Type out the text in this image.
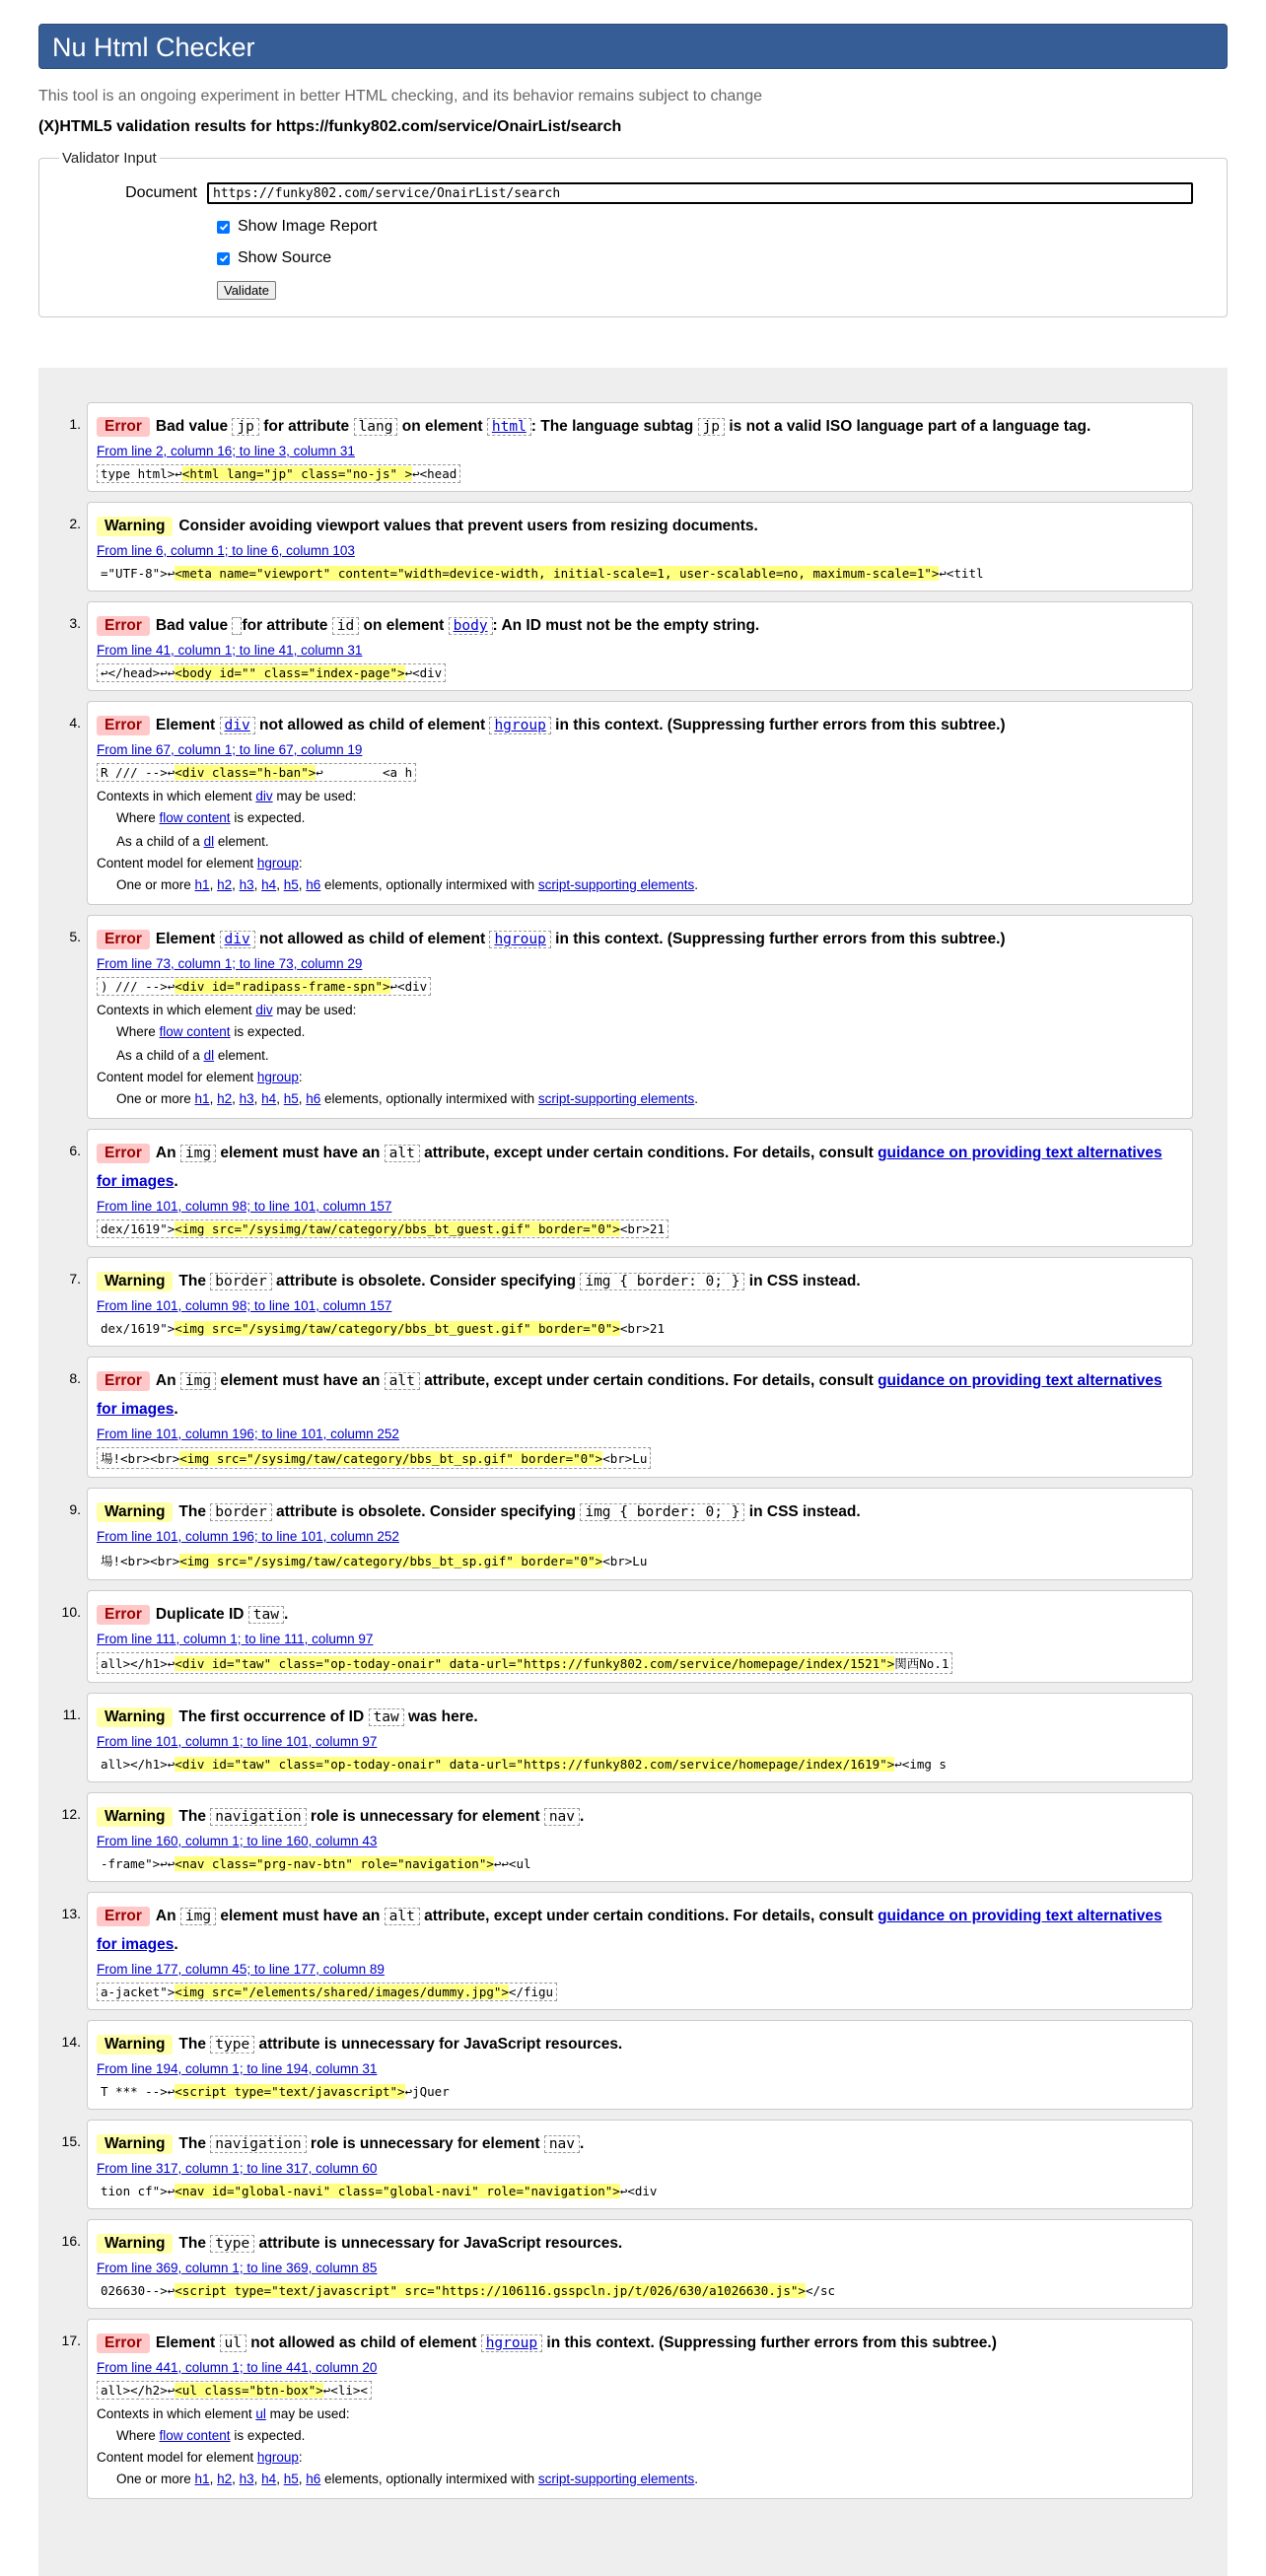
Nu Html Checker
This tool is an ongoing experiment in better HTML checking, and its behavior remains subject to change
(X)HTML5 validation results for https://funky802.com/service/OnairList/search
Validator Input
Document
https://funky802.com/service/OnairList/search
Show Image Report
Show Source
Validate
1.	Error Bad value jp for attribute lang on element html : The language subtag jp is not a valid ISO language part of a language tag.
From line 2, column 16; to line 3, column 31
type html>↩<html lang="jp" class="no-js" >↩<head
2.	Warning Consider avoiding viewport values that prevent users from resizing documents.
From line 6, column 1; to line 6, column 103
="UTF-8">↩<meta name="viewport" content="width=device-width, initial-scale=1, user-scalable=no, maximum-scale=1">↩<titl
3.	Error Bad value for attribute id on element body : An ID must not be the empty string.
From line 41, column 1; to line 41, column 31
↩</head>↩↩<body id="" class="index-page">↩<div
4.	Error Element div not allowed as child of element hgroup in this context. (Suppressing further errors from this subtree.)
From line 67, column 1; to line 67, column 19
R /// -->↩<div class="h-ban">↩        <a h
Contexts in which element div may be used:
Where flow content is expected.
As a child of a dl element.
Content model for element hgroup:
One or more h1, h2, h3, h4, h5, h6 elements, optionally intermixed with script-supporting elements.
5.	Error Element div not allowed as child of element hgroup in this context. (Suppressing further errors from this subtree.)
From line 73, column 1; to line 73, column 29
) /// -->↩<div id="radipass-frame-spn">↩<div
Contexts in which element div may be used:
Where flow content is expected.
As a child of a dl element.
Content model for element hgroup:
One or more h1, h2, h3, h4, h5, h6 elements, optionally intermixed with script-supporting elements.
6.	Error An img element must have an alt attribute, except under certain conditions. For details, consult guidance on providing text alternatives for images.
From line 101, column 98; to line 101, column 157
dex/1619"><img src="/sysimg/taw/category/bbs_bt_guest.gif" border="0"><br>21
7.	Warning The border attribute is obsolete. Consider specifying img { border: 0; } in CSS instead.
From line 101, column 98; to line 101, column 157
dex/1619"><img src="/sysimg/taw/category/bbs_bt_guest.gif" border="0"><br>21
8.	Error An img element must have an alt attribute, except under certain conditions. For details, consult guidance on providing text alternatives for images.
From line 101, column 196; to line 101, column 252
場!<br><br><img src="/sysimg/taw/category/bbs_bt_sp.gif" border="0"><br>Lu
9.	Warning The border attribute is obsolete. Consider specifying img { border: 0; } in CSS instead.
From line 101, column 196; to line 101, column 252
場!<br><br><img src="/sysimg/taw/category/bbs_bt_sp.gif" border="0"><br>Lu
10.	Error Duplicate ID taw .
From line 111, column 1; to line 111, column 97
all></h1>↩<div id="taw" class="op-today-onair" data-url="https://funky802.com/service/homepage/index/1521">関西No.1
11.	Warning The first occurrence of ID taw was here.
From line 101, column 1; to line 101, column 97
all></h1>↩<div id="taw" class="op-today-onair" data-url="https://funky802.com/service/homepage/index/1619">↩<img s
12.	Warning The navigation role is unnecessary for element nav .
From line 160, column 1; to line 160, column 43
-frame">↩↩<nav class="prg-nav-btn" role="navigation">↩↩<ul
13.	Error An img element must have an alt attribute, except under certain conditions. For details, consult guidance on providing text alternatives for images.
From line 177, column 45; to line 177, column 89
a-jacket"><img src="/elements/shared/images/dummy.jpg"></figu
14.	Warning The type attribute is unnecessary for JavaScript resources.
From line 194, column 1; to line 194, column 31
T *** -->↩<script type="text/javascript">↩jQuer
15.	Warning The navigation role is unnecessary for element nav .
From line 317, column 1; to line 317, column 60
tion cf">↩<nav id="global-navi" class="global-navi" role="navigation">↩<div
16.	Warning The type attribute is unnecessary for JavaScript resources.
From line 369, column 1; to line 369, column 85
026630-->↩<script type="text/javascript" src="https://106116.gsspcln.jp/t/026/630/a1026630.js"></sc
17.	Error Element ul not allowed as child of element hgroup in this context. (Suppressing further errors from this subtree.)
From line 441, column 1; to line 441, column 20
all></h2>↩<ul class="btn-box">↩<li><
Contexts in which element ul may be used:
Where flow content is expected.
Content model for element hgroup:
One or more h1, h2, h3, h4, h5, h6 elements, optionally intermixed with script-supporting elements.
